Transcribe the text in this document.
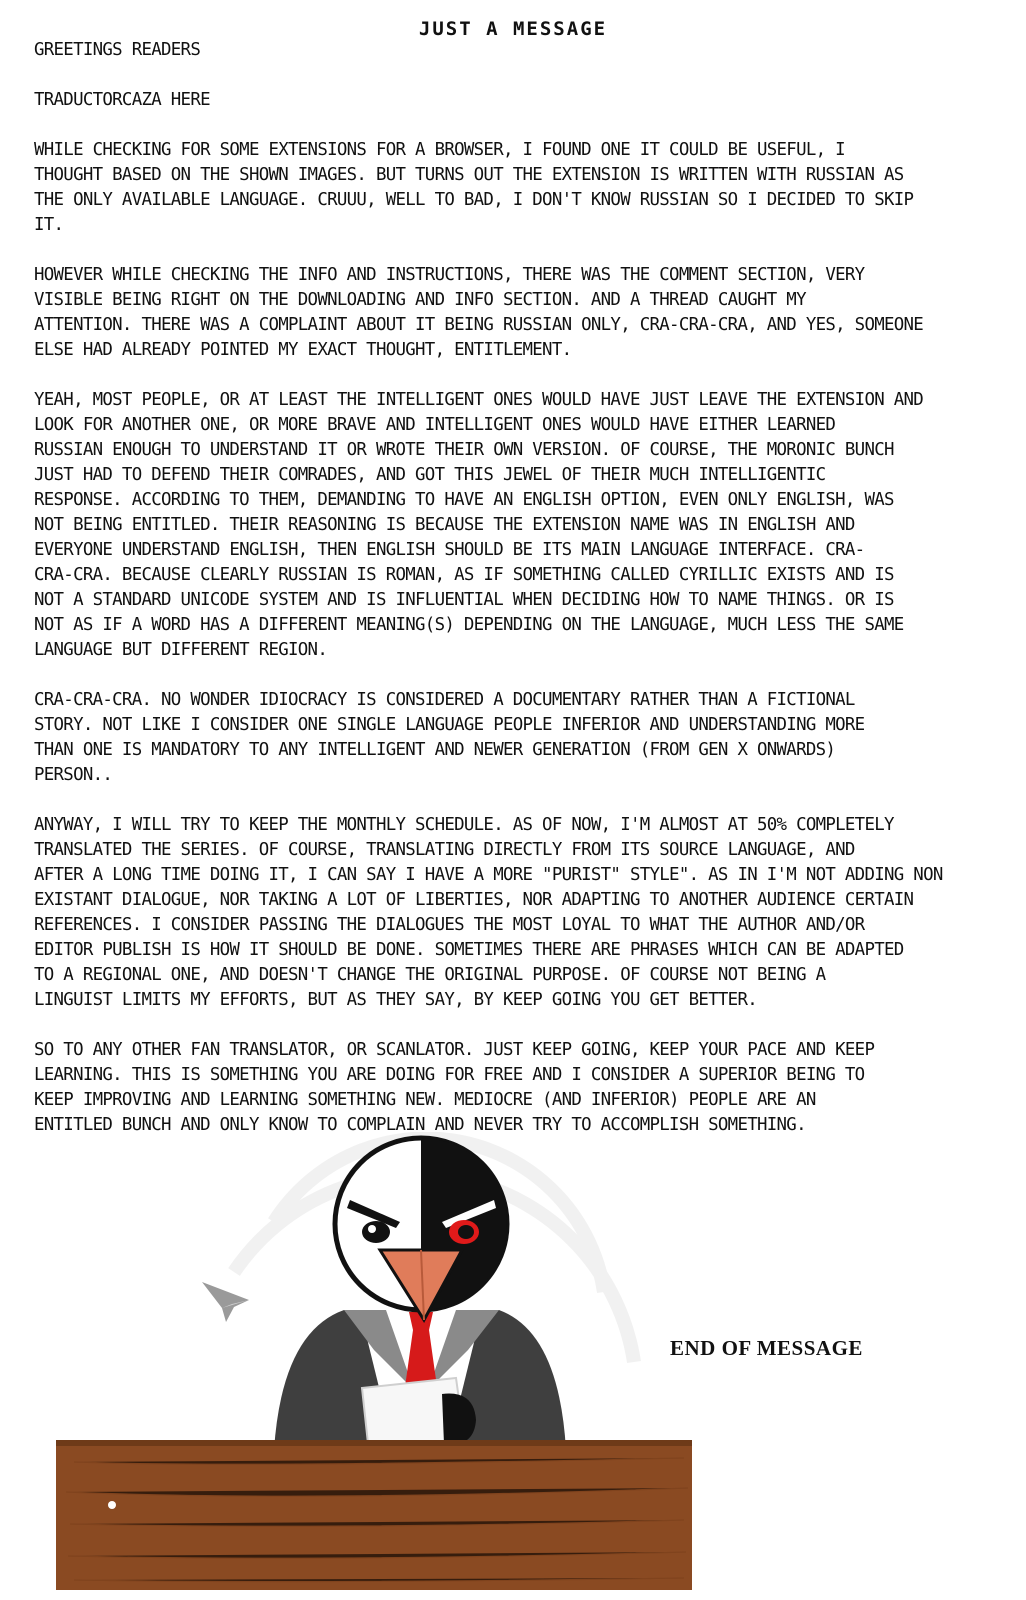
JUST A MESSAGE

GREETINGS READERS

TRADUCTORCAZA HERE

WHILE CHECKING FOR SOME EXTENSIONS FOR A BROWSER, I FOUND ONE IT COULD BE USEFUL, I
THOUGHT BASED ON THE SHOWN IMAGES. BUT TURNS OUT THE EXTENSION IS WRITTEN WITH RUSSIAN AS
THE ONLY AVAILABLE LANGUAGE. CRUUU, WELL TO BAD, I DON'T KNOW RUSSIAN SO I DECIDED TO SKIP
IT.

HOWEVER WHILE CHECKING THE INFO AND INSTRUCTIONS, THERE WAS THE COMMENT SECTION, VERY
VISIBLE BEING RIGHT ON THE DOWNLOADING AND INFO SECTION. AND A THREAD CAUGHT MY
ATTENTION. THERE WAS A COMPLAINT ABOUT IT BEING RUSSIAN ONLY, CRA-CRA-CRA, AND YES, SOMEONE
ELSE HAD ALREADY POINTED MY EXACT THOUGHT, ENTITLEMENT.

YEAH, MOST PEOPLE, OR AT LEAST THE INTELLIGENT ONES WOULD HAVE JUST LEAVE THE EXTENSION AND
LOOK FOR ANOTHER ONE, OR MORE BRAVE AND INTELLIGENT ONES WOULD HAVE EITHER LEARNED
RUSSIAN ENOUGH TO UNDERSTAND IT OR WROTE THEIR OWN VERSION. OF COURSE, THE MORONIC BUNCH
JUST HAD TO DEFEND THEIR COMRADES, AND GOT THIS JEWEL OF THEIR MUCH INTELLIGENTIC
RESPONSE. ACCORDING TO THEM, DEMANDING TO HAVE AN ENGLISH OPTION, EVEN ONLY ENGLISH, WAS
NOT BEING ENTITLED. THEIR REASONING IS BECAUSE THE EXTENSION NAME WAS IN ENGLISH AND
EVERYONE UNDERSTAND ENGLISH, THEN ENGLISH SHOULD BE ITS MAIN LANGUAGE INTERFACE. CRA-
CRA-CRA. BECAUSE CLEARLY RUSSIAN IS ROMAN, AS IF SOMETHING CALLED CYRILLIC EXISTS AND IS
NOT A STANDARD UNICODE SYSTEM AND IS INFLUENTIAL WHEN DECIDING HOW TO NAME THINGS. OR IS
NOT AS IF A WORD HAS A DIFFERENT MEANING(S) DEPENDING ON THE LANGUAGE, MUCH LESS THE SAME
LANGUAGE BUT DIFFERENT REGION.

CRA-CRA-CRA. NO WONDER IDIOCRACY IS CONSIDERED A DOCUMENTARY RATHER THAN A FICTIONAL
STORY. NOT LIKE I CONSIDER ONE SINGLE LANGUAGE PEOPLE INFERIOR AND UNDERSTANDING MORE
THAN ONE IS MANDATORY TO ANY INTELLIGENT AND NEWER GENERATION (FROM GEN X ONWARDS)
PERSON..

ANYWAY, I WILL TRY TO KEEP THE MONTHLY SCHEDULE. AS OF NOW, I'M ALMOST AT 50% COMPLETELY
TRANSLATED THE SERIES. OF COURSE, TRANSLATING DIRECTLY FROM ITS SOURCE LANGUAGE, AND
AFTER A LONG TIME DOING IT, I CAN SAY I HAVE A MORE "PURIST" STYLE". AS IN I'M NOT ADDING NON
EXISTANT DIALOGUE, NOR TAKING A LOT OF LIBERTIES, NOR ADAPTING TO ANOTHER AUDIENCE CERTAIN
REFERENCES. I CONSIDER PASSING THE DIALOGUES THE MOST LOYAL TO WHAT THE AUTHOR AND/OR
EDITOR PUBLISH IS HOW IT SHOULD BE DONE. SOMETIMES THERE ARE PHRASES WHICH CAN BE ADAPTED
TO A REGIONAL ONE, AND DOESN'T CHANGE THE ORIGINAL PURPOSE. OF COURSE NOT BEING A
LINGUIST LIMITS MY EFFORTS, BUT AS THEY SAY, BY KEEP GOING YOU GET BETTER.

SO TO ANY OTHER FAN TRANSLATOR, OR SCANLATOR. JUST KEEP GOING, KEEP YOUR PACE AND KEEP
LEARNING. THIS IS SOMETHING YOU ARE DOING FOR FREE AND I CONSIDER A SUPERIOR BEING TO
KEEP IMPROVING AND LEARNING SOMETHING NEW. MEDIOCRE (AND INFERIOR) PEOPLE ARE AN
ENTITLED BUNCH AND ONLY KNOW TO COMPLAIN AND NEVER TRY TO ACCOMPLISH SOMETHING.

END OF MESSAGE
